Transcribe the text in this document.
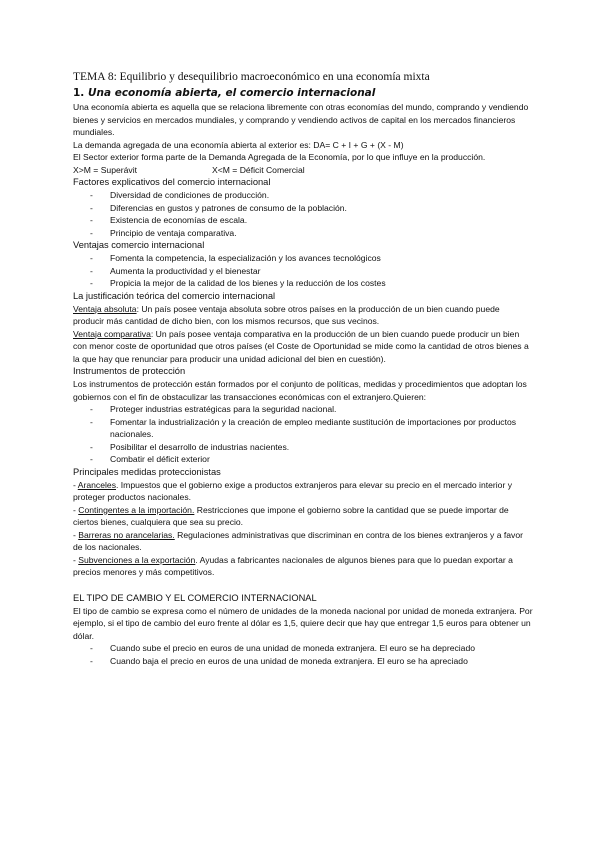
TEMA 8: Equilibrio y desequilibrio macroeconómico en una economía mixta
1. Una economía abierta, el comercio internacional

Una economía abierta es aquella que se relaciona libremente con otras economías del mundo, comprando y vendiendo bienes y servicios en mercados mundiales, y comprando y vendiendo activos de capital en los mercados financieros mundiales.

La demanda agregada de una economía abierta al exterior es: DA= C + I + G + (X - M)

El Sector exterior forma parte de la Demanda Agregada de la Economía, por lo que influye en la producción.

X>M = Superávit	X<M = Déficit Comercial
Factores explicativos del comercio internacional
- Diversidad de condiciones de producción.
- Diferencias en gustos y patrones de consumo de la población.
- Existencia de economías de escala.
- Principio de ventaja comparativa.
Ventajas comercio internacional
- Fomenta la competencia, la especialización y los avances tecnológicos
- Aumenta la productividad y el bienestar
- Propicia la mejor de la calidad de los bienes y la reducción de los costes
La justificación teórica del comercio internacional

Ventaja absoluta: Un país posee ventaja absoluta sobre otros países en la producción de un bien cuando puede producir más cantidad de dicho bien, con los mismos recursos, que sus vecinos.

Ventaja comparativa: Un país posee ventaja comparativa en la producción de un bien cuando puede producir un bien con menor coste de oportunidad que otros países (el Coste de Oportunidad se mide como la cantidad de otros bienes a la que hay que renunciar para producir una unidad adicional del bien en cuestión).

Instrumentos de protección

Los instrumentos de protección están formados por el conjunto de políticas, medidas y procedimientos que adoptan los gobiernos con el fin de obstaculizar las transacciones económicas con el extranjero.Quieren:

- Proteger industrias estratégicas para la seguridad nacional.
- Fomentar la industrialización y la creación de empleo mediante sustitución de importaciones por productos nacionales.
- Posibilitar el desarrollo de industrias nacientes.
- Combatir el déficit exterior
Principales medidas proteccionistas

- Aranceles. Impuestos que el gobierno exige a productos extranjeros para elevar su precio en el mercado interior y proteger productos nacionales.

- Contingentes a la importación. Restricciones que impone el gobierno sobre la cantidad que se puede importar de ciertos bienes, cualquiera que sea su precio.

- Barreras no arancelarias. Regulaciones administrativas que discriminan en contra de los bienes extranjeros y a favor de los nacionales.

- Subvenciones a la exportación. Ayudas a fabricantes nacionales de algunos bienes para que lo puedan exportar a precios menores y más competitivos.

EL TIPO DE CAMBIO Y EL COMERCIO INTERNACIONAL

El tipo de cambio se expresa como el número de unidades de la moneda nacional por unidad de moneda extranjera. Por ejemplo, si el tipo de cambio del euro frente al dólar es 1,5, quiere decir que hay que entregar 1,5 euros para obtener un dólar.

- Cuando sube el precio en euros de una unidad de moneda extranjera. El euro se ha depreciado
- Cuando baja el precio en euros de una unidad de moneda extranjera. El euro se ha apreciado
